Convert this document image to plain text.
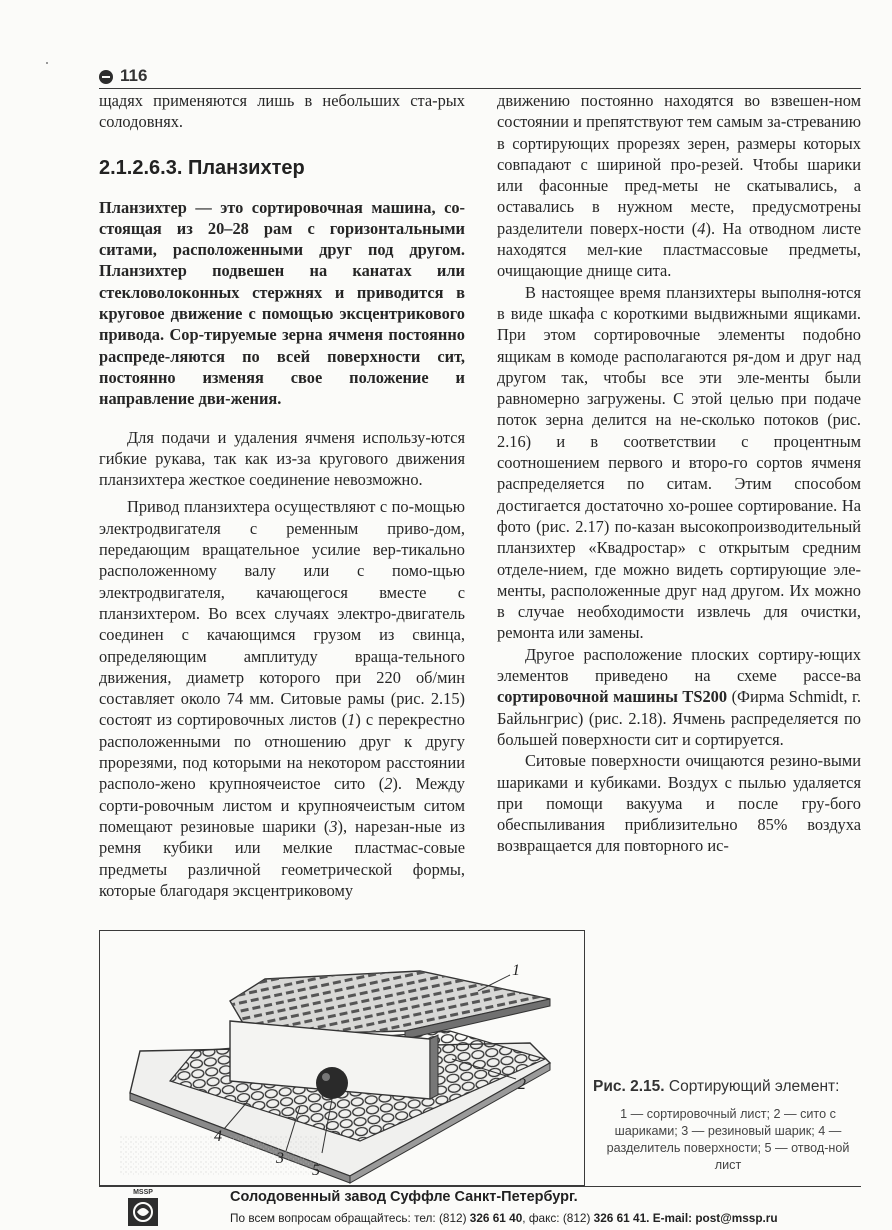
116

щадях применяются лишь в небольших ста-рых солодовнях.

2.1.2.6.3. Планзихтер

Планзихтер — это сортировочная машина, со-стоящая из 20–28 рам с горизонтальными ситами, расположенными друг под другом. Планзихтер подвешен на канатах или стекловолоконных стержнях и приводится в круговое движение с помощью эксцентрикового привода. Сор-тируемые зерна ячменя постоянно распреде-ляются по всей поверхности сит, постоянно изменяя свое положение и направление дви-жения.

Для подачи и удаления ячменя использу-ются гибкие рукава, так как из-за кругового движения планзихтера жесткое соединение невозможно.

Привод планзихтера осуществляют с по-мощью электродвигателя с ременным приво-дом, передающим вращательное усилие вер-тикально расположенному валу или с помо-щью электродвигателя, качающегося вместе с планзихтером. Во всех случаях электро-двигатель соединен с качающимся грузом из свинца, определяющим амплитуду враща-тельного движения, диаметр которого при 220 об/мин составляет около 74 мм. Ситовые рамы (рис. 2.15) состоят из сортировочных листов (1) с перекрестно расположенными по отношению друг к другу прорезями, под которыми на некотором расстоянии располо-жено крупноячеистое сито (2). Между сорти-ровочным листом и крупноячеистым ситом помещают резиновые шарики (3), нарезан-ные из ремня кубики или мелкие пластмас-совые предметы различной геометрической формы, которые благодаря эксцентриковому

движению постоянно находятся во взвешен-ном состоянии и препятствуют тем самым за-стреванию в сортирующих прорезях зерен, размеры которых совпадают с шириной про-резей. Чтобы шарики или фасонные пред-меты не скатывались, а оставались в нужном месте, предусмотрены разделители поверх-ности (4). На отводном листе находятся мел-кие пластмассовые предметы, очищающие днище сита.

В настоящее время планзихтеры выполня-ются в виде шкафа с короткими выдвижными ящиками. При этом сортировочные элементы подобно ящикам в комоде располагаются ря-дом и друг над другом так, чтобы все эти эле-менты были равномерно загружены. С этой целью при подаче поток зерна делится на не-сколько потоков (рис. 2.16) и в соответствии с процентным соотношением первого и второ-го сортов ячменя распределяется по ситам. Этим способом достигается достаточно хо-рошее сортирование. На фото (рис. 2.17) по-казан высокопроизводительный планзихтер «Квадростар» с открытым средним отделе-нием, где можно видеть сортирующие эле-менты, расположенные друг над другом. Их можно в случае необходимости извлечь для очистки, ремонта или замены.

Другое расположение плоских сортиру-ющих элементов приведено на схеме рассе-ва сортировочной машины TS200 (Фирма Schmidt, г. Байльнгрис) (рис. 2.18). Ячмень распределяется по большей поверхности сит и сортируется.

Ситовые поверхности очищаются резино-выми шариками и кубиками. Воздух с пылью удаляется при помощи вакуума и после гру-бого обеспыливания приблизительно 85% воздуха возвращается для повторного ис-

1
2
3
4
5
Рис. 2.15. Сортирующий элемент:
1 — сортировочный лист; 2 — сито с шариками; 3 — резиновый шарик; 4 — разделитель поверхности; 5 — отвод-ной лист
MSSP	Солодовенный завод Суффле Санкт-Петербург.
По всем вопросам обращайтесь: тел: (812) 326 61 40, факс: (812) 326 61 41. E-mail: post@mssp.ru
